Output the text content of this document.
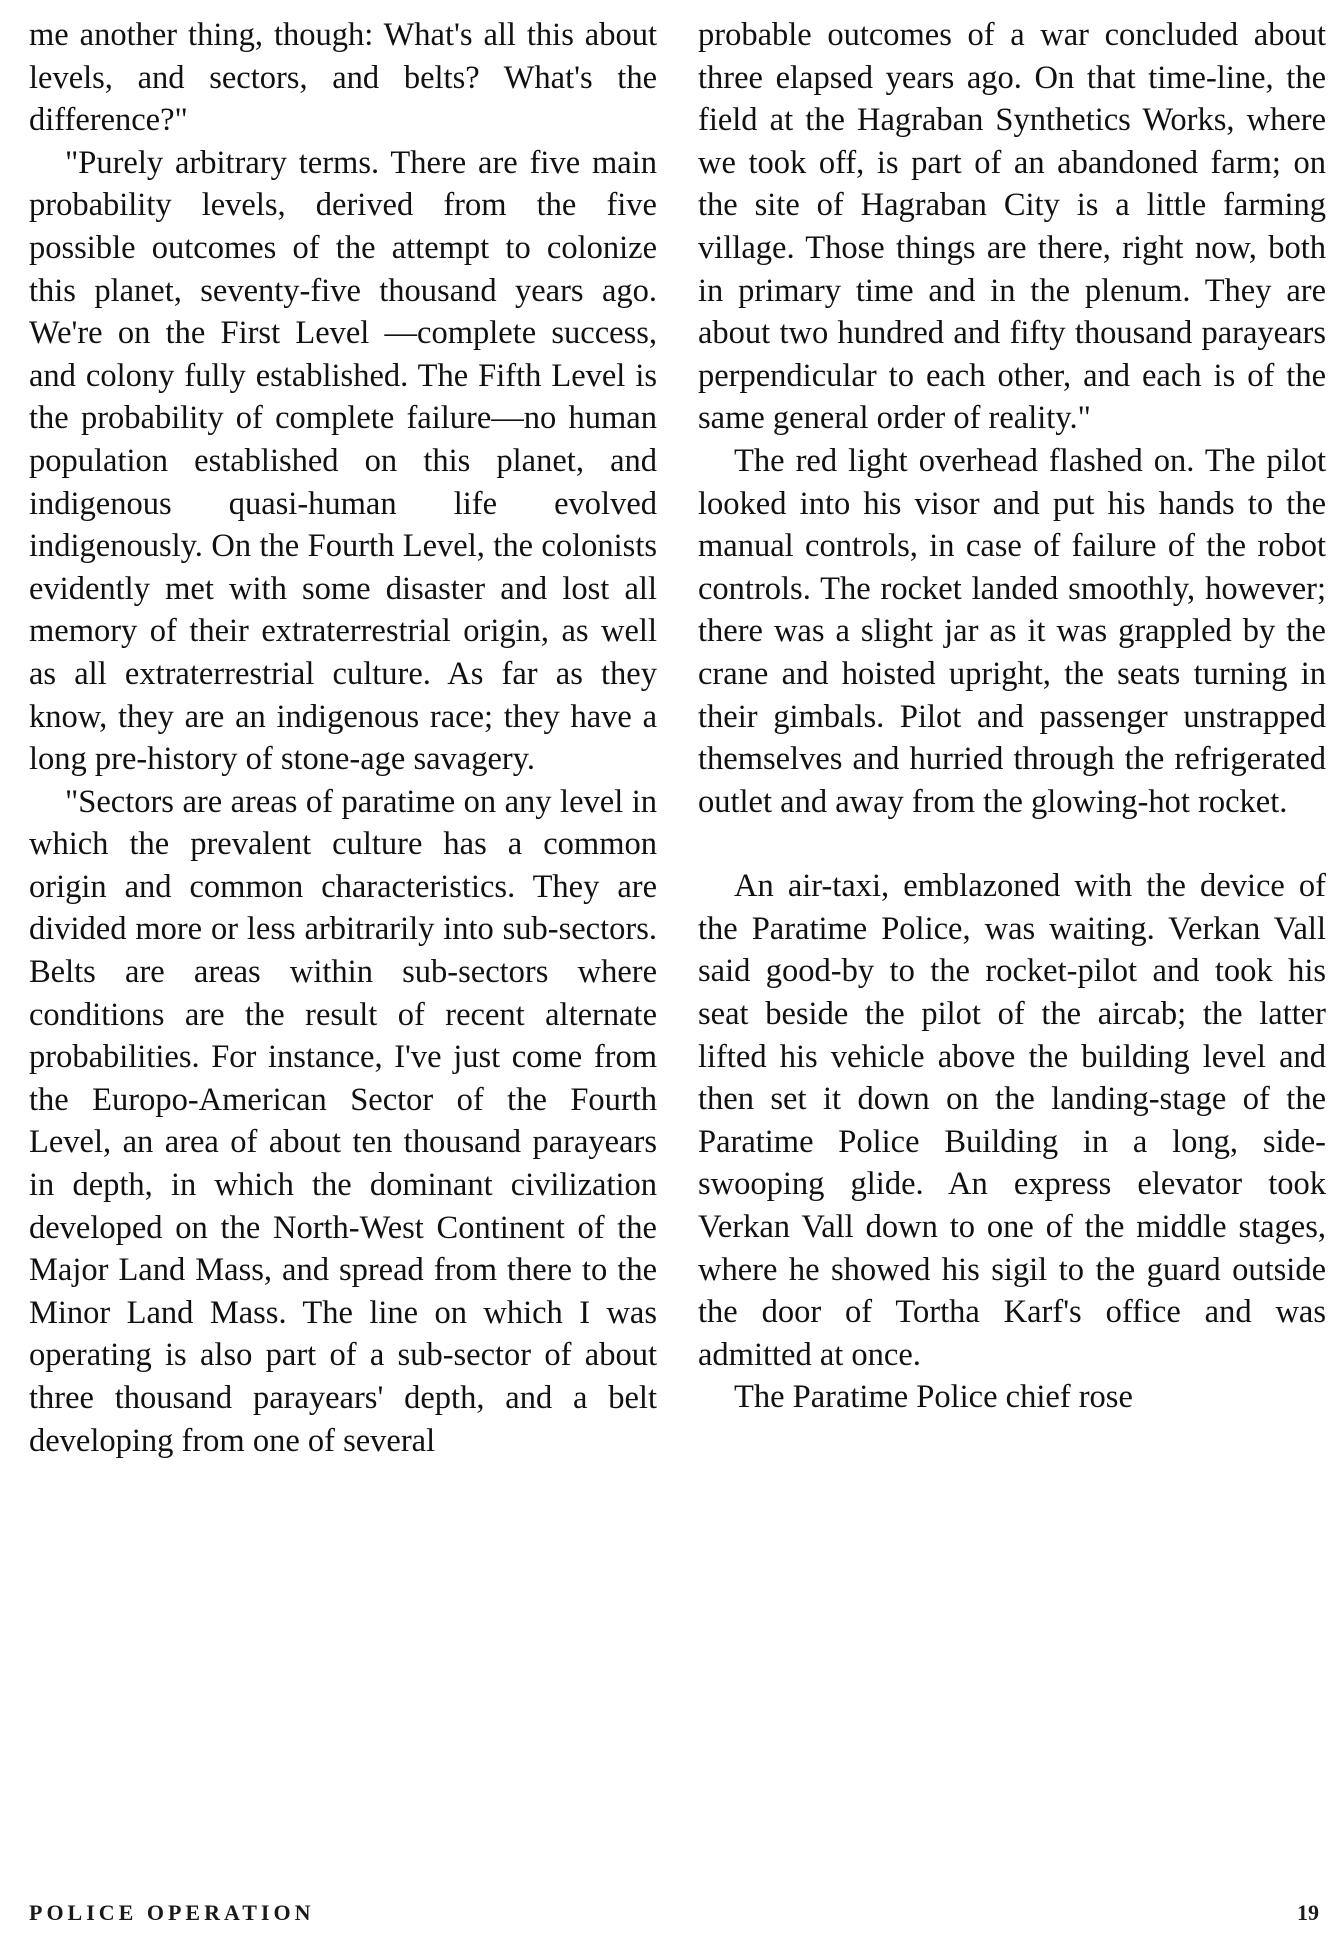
me another thing, though: What's all this about levels, and sectors, and belts? What's the difference?"

"Purely arbitrary terms. There are five main probability levels, derived from the five possible outcomes of the attempt to colonize this planet, seventy-five thousand years ago. We're on the First Level —complete success, and colony fully established. The Fifth Level is the probability of complete failure—no human population established on this planet, and indigenous quasi-human life evolved indigenously. On the Fourth Level, the colonists evidently met with some disaster and lost all memory of their extraterrestrial origin, as well as all extraterrestrial culture. As far as they know, they are an indigenous race; they have a long pre-history of stone-age savagery.

"Sectors are areas of paratime on any level in which the prevalent culture has a common origin and common characteristics. They are divided more or less arbitrarily into sub-sectors. Belts are areas within sub-sectors where conditions are the result of recent alternate probabilities. For instance, I've just come from the Europo-American Sector of the Fourth Level, an area of about ten thousand parayears in depth, in which the dominant civilization developed on the North-West Continent of the Major Land Mass, and spread from there to the Minor Land Mass. The line on which I was operating is also part of a sub-sector of about three thousand parayears' depth, and a belt developing from one of several

probable outcomes of a war concluded about three elapsed years ago. On that time-line, the field at the Hagraban Synthetics Works, where we took off, is part of an abandoned farm; on the site of Hagraban City is a little farming village. Those things are there, right now, both in primary time and in the plenum. They are about two hundred and fifty thousand parayears perpendicular to each other, and each is of the same general order of reality."

The red light overhead flashed on. The pilot looked into his visor and put his hands to the manual controls, in case of failure of the robot controls. The rocket landed smoothly, however; there was a slight jar as it was grappled by the crane and hoisted upright, the seats turning in their gimbals. Pilot and passenger unstrapped themselves and hurried through the refrigerated outlet and away from the glowing-hot rocket.

An air-taxi, emblazoned with the device of the Paratime Police, was waiting. Verkan Vall said good-by to the rocket-pilot and took his seat beside the pilot of the aircab; the latter lifted his vehicle above the building level and then set it down on the landing-stage of the Paratime Police Building in a long, side-swooping glide. An express elevator took Verkan Vall down to one of the middle stages, where he showed his sigil to the guard outside the door of Tortha Karf's office and was admitted at once.

The Paratime Police chief rose

POLICE OPERATION	19
